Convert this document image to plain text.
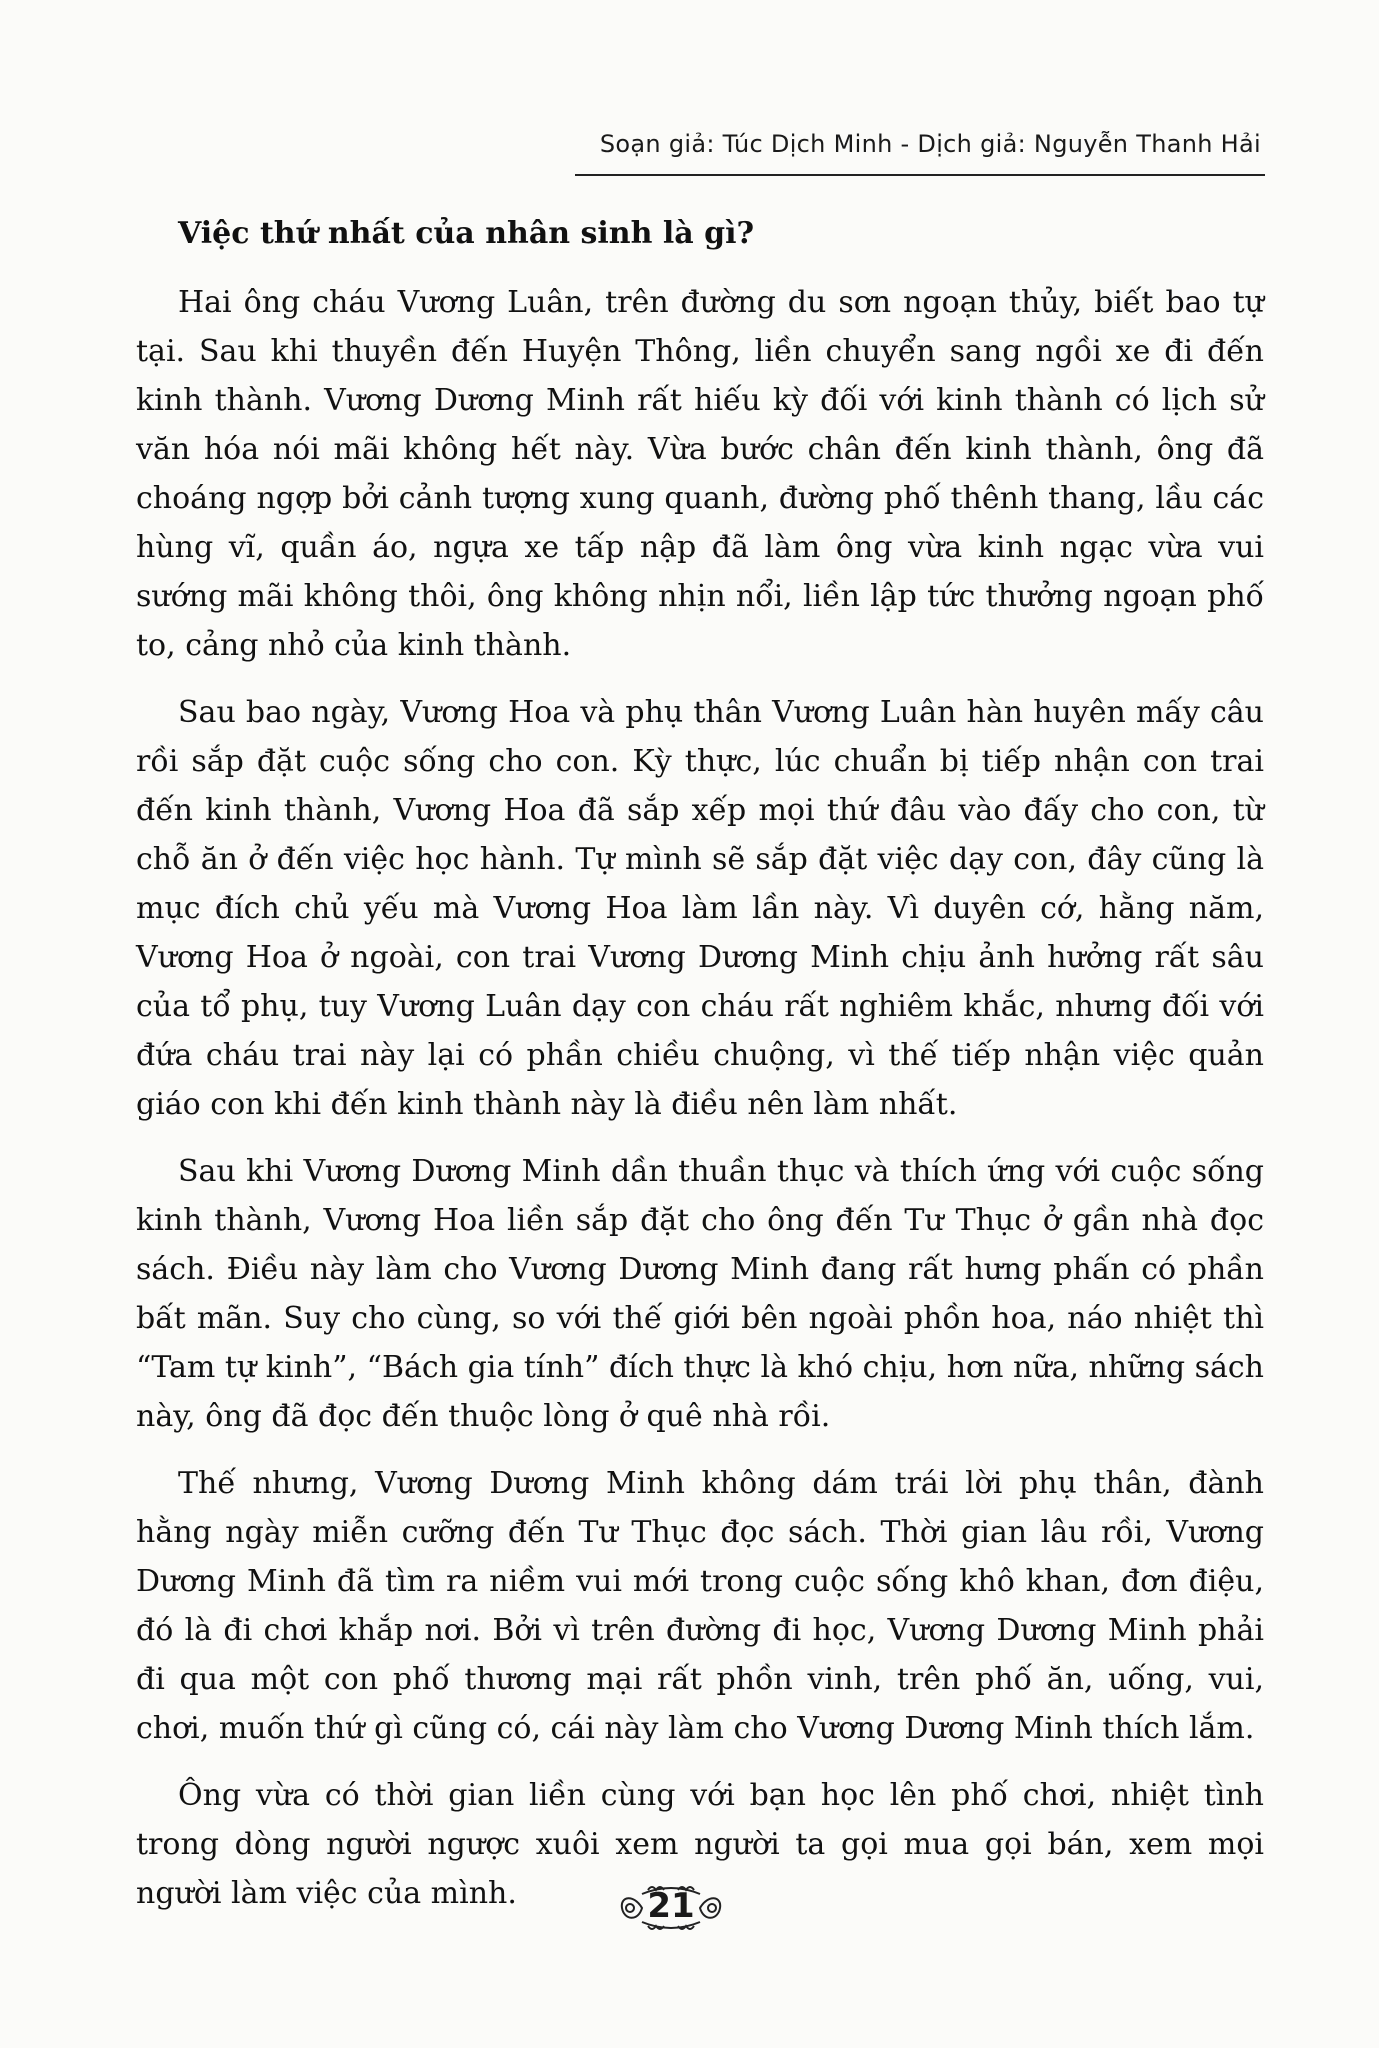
Soạn giả: Túc Dịch Minh - Dịch giả: Nguyễn Thanh Hải
Việc thứ nhất của nhân sinh là gì?

Hai ông cháu Vương Luân, trên đường du sơn ngoạn thủy, biết bao tự tại. Sau khi thuyền đến Huyện Thông, liền chuyển sang ngồi xe đi đến kinh thành. Vương Dương Minh rất hiếu kỳ đối với kinh thành có lịch sử văn hóa nói mãi không hết này. Vừa bước chân đến kinh thành, ông đã choáng ngợp bởi cảnh tượng xung quanh, đường phố thênh thang, lầu các hùng vĩ, quần áo, ngựa xe tấp nập đã làm ông vừa kinh ngạc vừa vui sướng mãi không thôi, ông không nhịn nổi, liền lập tức thưởng ngoạn phố to, cảng nhỏ của kinh thành.

Sau bao ngày, Vương Hoa và phụ thân Vương Luân hàn huyên mấy câu rồi sắp đặt cuộc sống cho con. Kỳ thực, lúc chuẩn bị tiếp nhận con trai đến kinh thành, Vương Hoa đã sắp xếp mọi thứ đâu vào đấy cho con, từ chỗ ăn ở đến việc học hành. Tự mình sẽ sắp đặt việc dạy con, đây cũng là mục đích chủ yếu mà Vương Hoa làm lần này. Vì duyên cớ, hằng năm, Vương Hoa ở ngoài, con trai Vương Dương Minh chịu ảnh hưởng rất sâu của tổ phụ, tuy Vương Luân dạy con cháu rất nghiêm khắc, nhưng đối với đứa cháu trai này lại có phần chiều chuộng, vì thế tiếp nhận việc quản giáo con khi đến kinh thành này là điều nên làm nhất.

Sau khi Vương Dương Minh dần thuần thục và thích ứng với cuộc sống kinh thành, Vương Hoa liền sắp đặt cho ông đến Tư Thục ở gần nhà đọc sách. Điều này làm cho Vương Dương Minh đang rất hưng phấn có phần bất mãn. Suy cho cùng, so với thế giới bên ngoài phồn hoa, náo nhiệt thì “Tam tự kinh”, “Bách gia tính” đích thực là khó chịu, hơn nữa, những sách này, ông đã đọc đến thuộc lòng ở quê nhà rồi.

Thế nhưng, Vương Dương Minh không dám trái lời phụ thân, đành hằng ngày miễn cưỡng đến Tư Thục đọc sách. Thời gian lâu rồi, Vương Dương Minh đã tìm ra niềm vui mới trong cuộc sống khô khan, đơn điệu, đó là đi chơi khắp nơi. Bởi vì trên đường đi học, Vương Dương Minh phải đi qua một con phố thương mại rất phồn vinh, trên phố ăn, uống, vui, chơi, muốn thứ gì cũng có, cái này làm cho Vương Dương Minh thích lắm.

Ông vừa có thời gian liền cùng với bạn học lên phố chơi, nhiệt tình trong dòng người ngược xuôi xem người ta gọi mua gọi bán, xem mọi người làm việc của mình.	21
